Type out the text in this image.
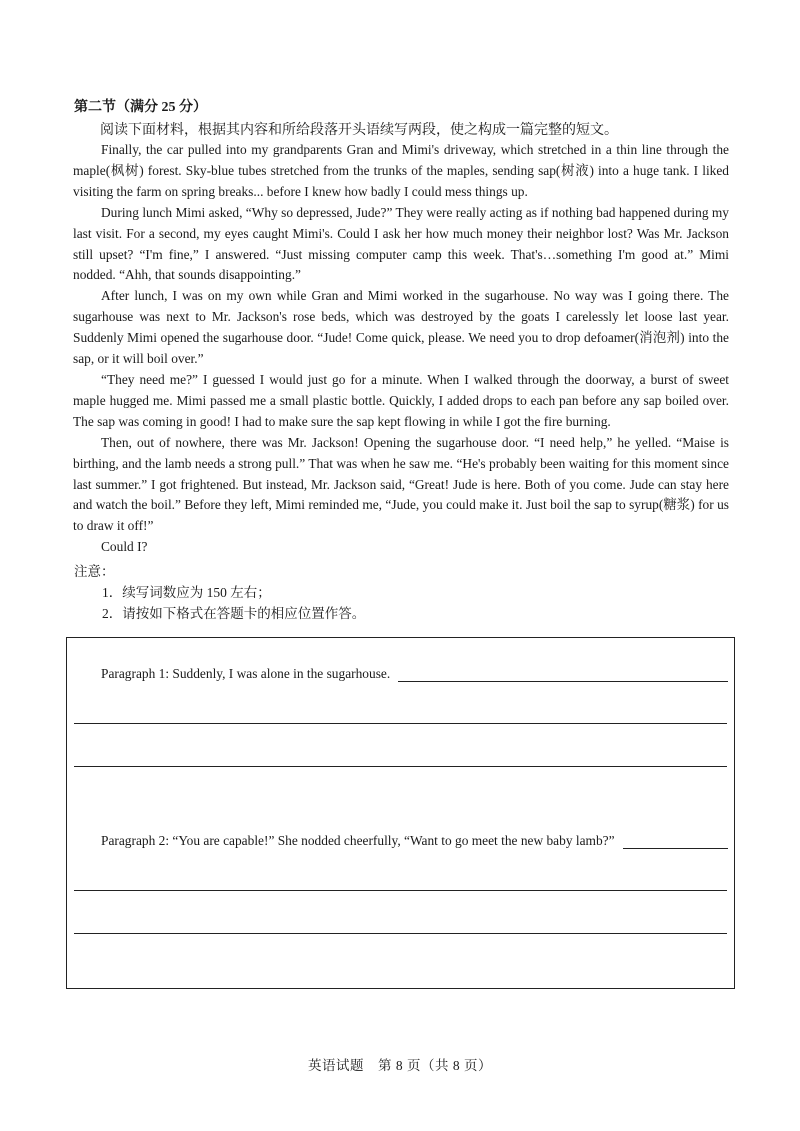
第二节（满分 25 分）
阅读下面材料，根据其内容和所给段落开头语续写两段，使之构成一篇完整的短文。

Finally, the car pulled into my grandparents Gran and Mimi's driveway, which stretched in a thin line through the maple(枫树) forest. Sky-blue tubes stretched from the trunks of the maples, sending sap(树液) into a huge tank. I liked visiting the farm on spring breaks... before I knew how badly I could mess things up.

During lunch Mimi asked, “Why so depressed, Jude?” They were really acting as if nothing bad happened during my last visit. For a second, my eyes caught Mimi's. Could I ask her how much money their neighbor lost? Was Mr. Jackson still upset? “I'm fine,” I answered. “Just missing computer camp this week. That's…something I'm good at.” Mimi nodded. “Ahh, that sounds disappointing.”

After lunch, I was on my own while Gran and Mimi worked in the sugarhouse. No way was I going there. The sugarhouse was next to Mr. Jackson's rose beds, which was destroyed by the goats I carelessly let loose last year. Suddenly Mimi opened the sugarhouse door. “Jude! Come quick, please. We need you to drop defoamer(消泡剂) into the sap, or it will boil over.”

“They need me?” I guessed I would just go for a minute. When I walked through the doorway, a burst of sweet maple hugged me. Mimi passed me a small plastic bottle. Quickly, I added drops to each pan before any sap boiled over. The sap was coming in good! I had to make sure the sap kept flowing in while I got the fire burning.

Then, out of nowhere, there was Mr. Jackson! Opening the sugarhouse door. “I need help,” he yelled. “Maise is birthing, and the lamb needs a strong pull.” That was when he saw me. “He's probably been waiting for this moment since last summer.” I got frightened. But instead, Mr. Jackson said, “Great! Jude is here. Both of you come. Jude can stay here and watch the boil.” Before they left, Mimi reminded me, “Jude, you could make it. Just boil the sap to syrup(糖浆) for us to draw it off!”

Could I?

注意：
1．续写词数应为 150 左右；
2．请按如下格式在答题卡的相应位置作答。
Paragraph 1: Suddenly, I was alone in the sugarhouse.
Paragraph 2: “You are capable!” She nodded cheerfully, “Want to go meet the new baby lamb?”
英语试题　第 8 页（共 8 页）
